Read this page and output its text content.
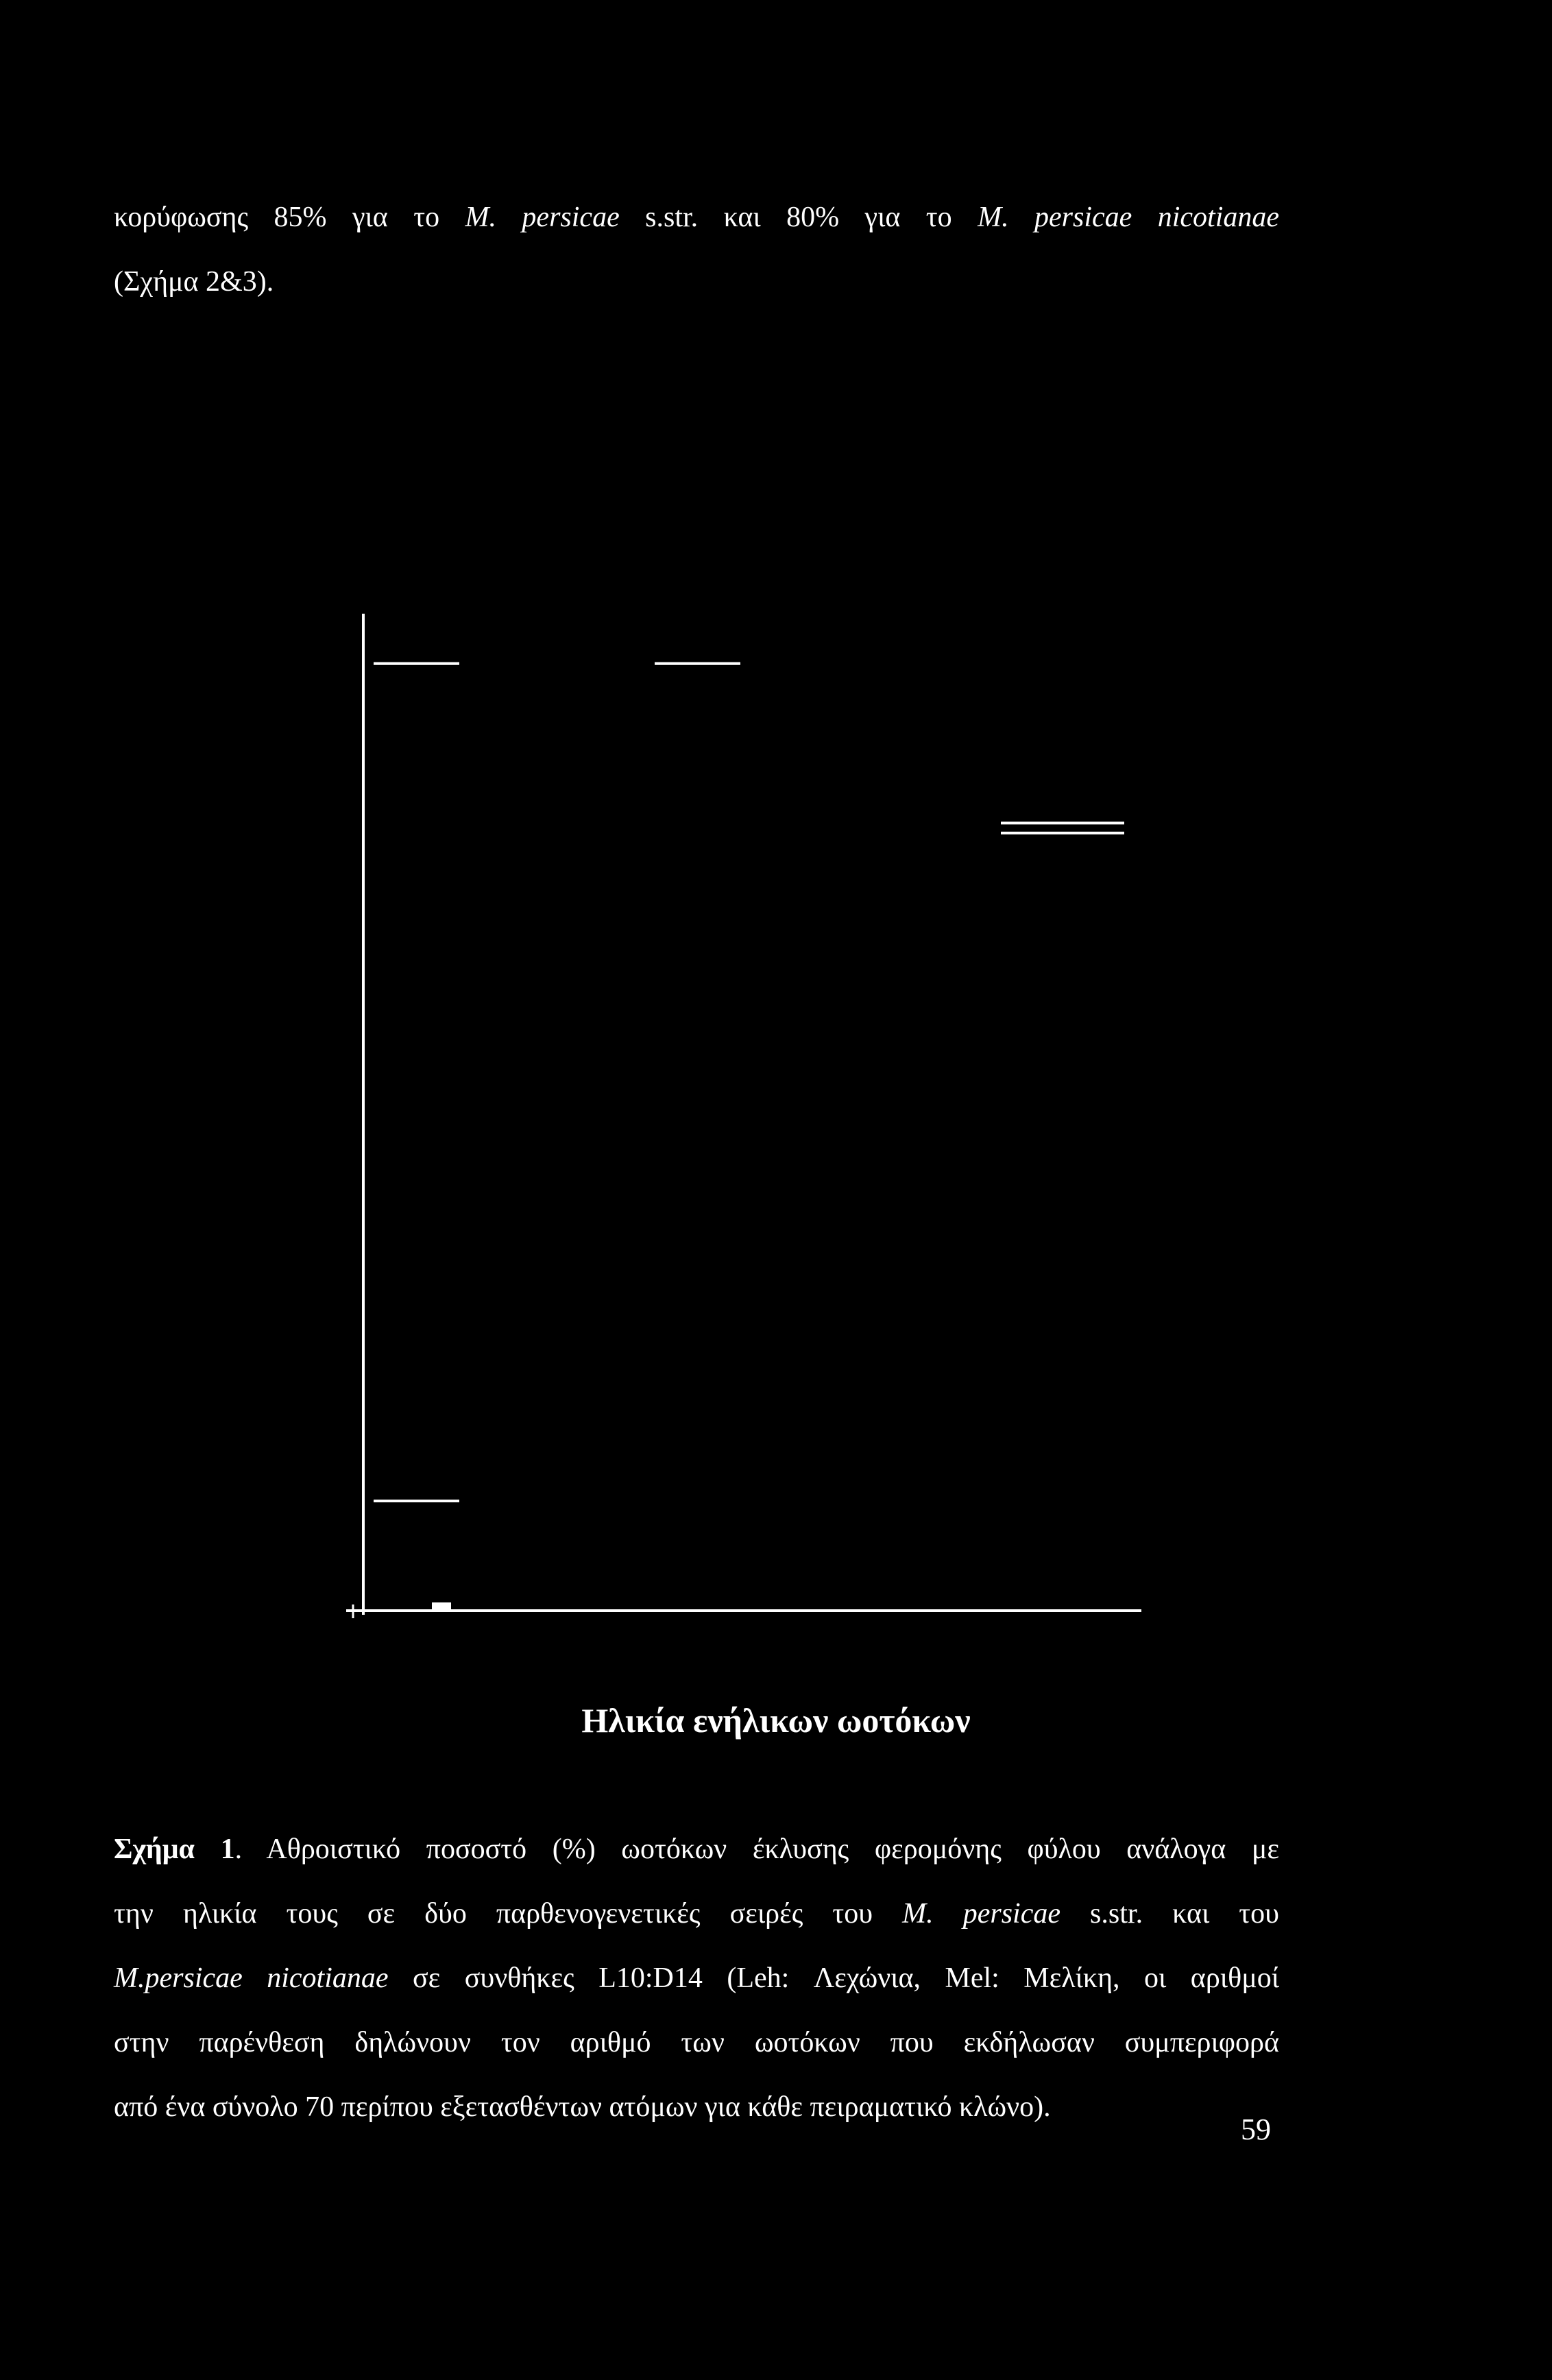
κορύφωσης 85% για το M. persicae s.str. και 80% για το M. persicae nicotianae
(Σχήμα 2&3).
Ηλικία ενήλικων ωοτόκων
Σχήμα 1. Αθροιστικό ποσοστό (%) ωοτόκων έκλυσης φερομόνης φύλου ανάλογα με
την ηλικία τους σε δύο παρθενογενετικές σειρές του M. persicae s.str. και του
M.persicae nicotianae σε συνθήκες L10:D14 (Leh: Λεχώνια, Mel: Μελίκη, οι αριθμοί
στην παρένθεση δηλώνουν τον αριθμό των ωοτόκων που εκδήλωσαν συμπεριφορά
από ένα σύνολο 70 περίπου εξετασθέντων ατόμων για κάθε πειραματικό κλώνο).
59
